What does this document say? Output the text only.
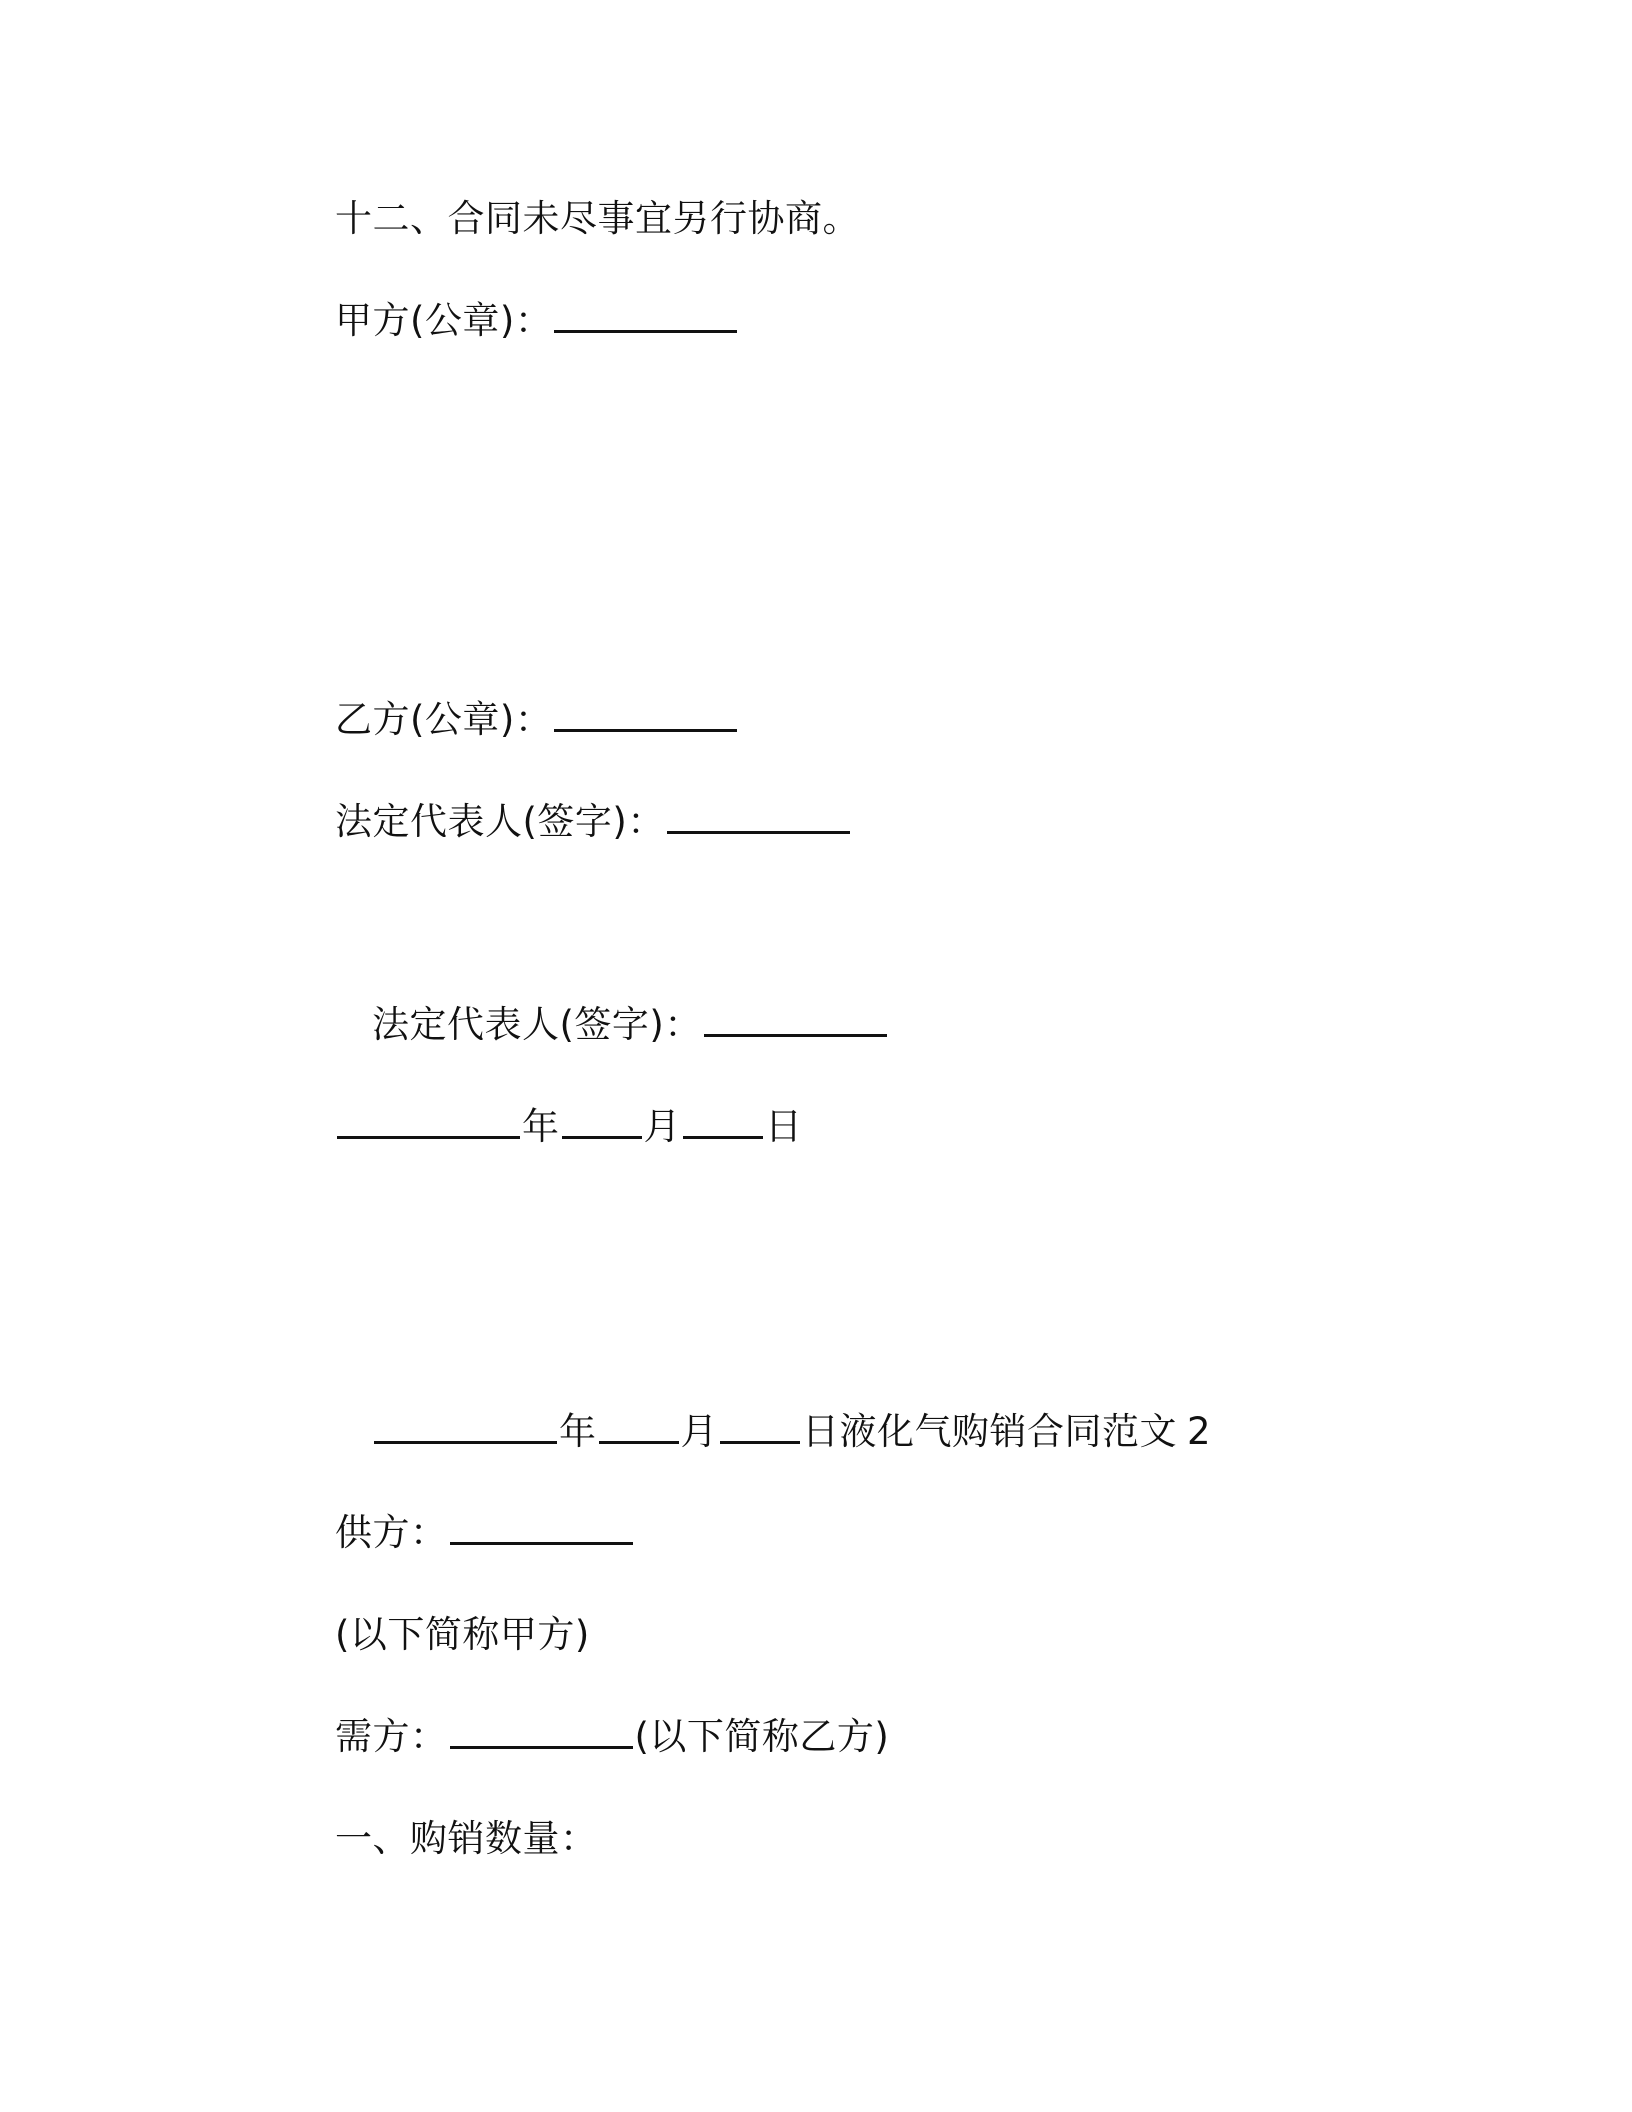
十二、合同未尽事宜另行协商。
甲方(公章)：
乙方(公章)：
法定代表人(签字)：
法定代表人(签字)：
年 月 日
年 月 日液化气购销合同范文 2
供方：
(以下简称甲方)
需方：	(以下简称乙方)
一、购销数量：
